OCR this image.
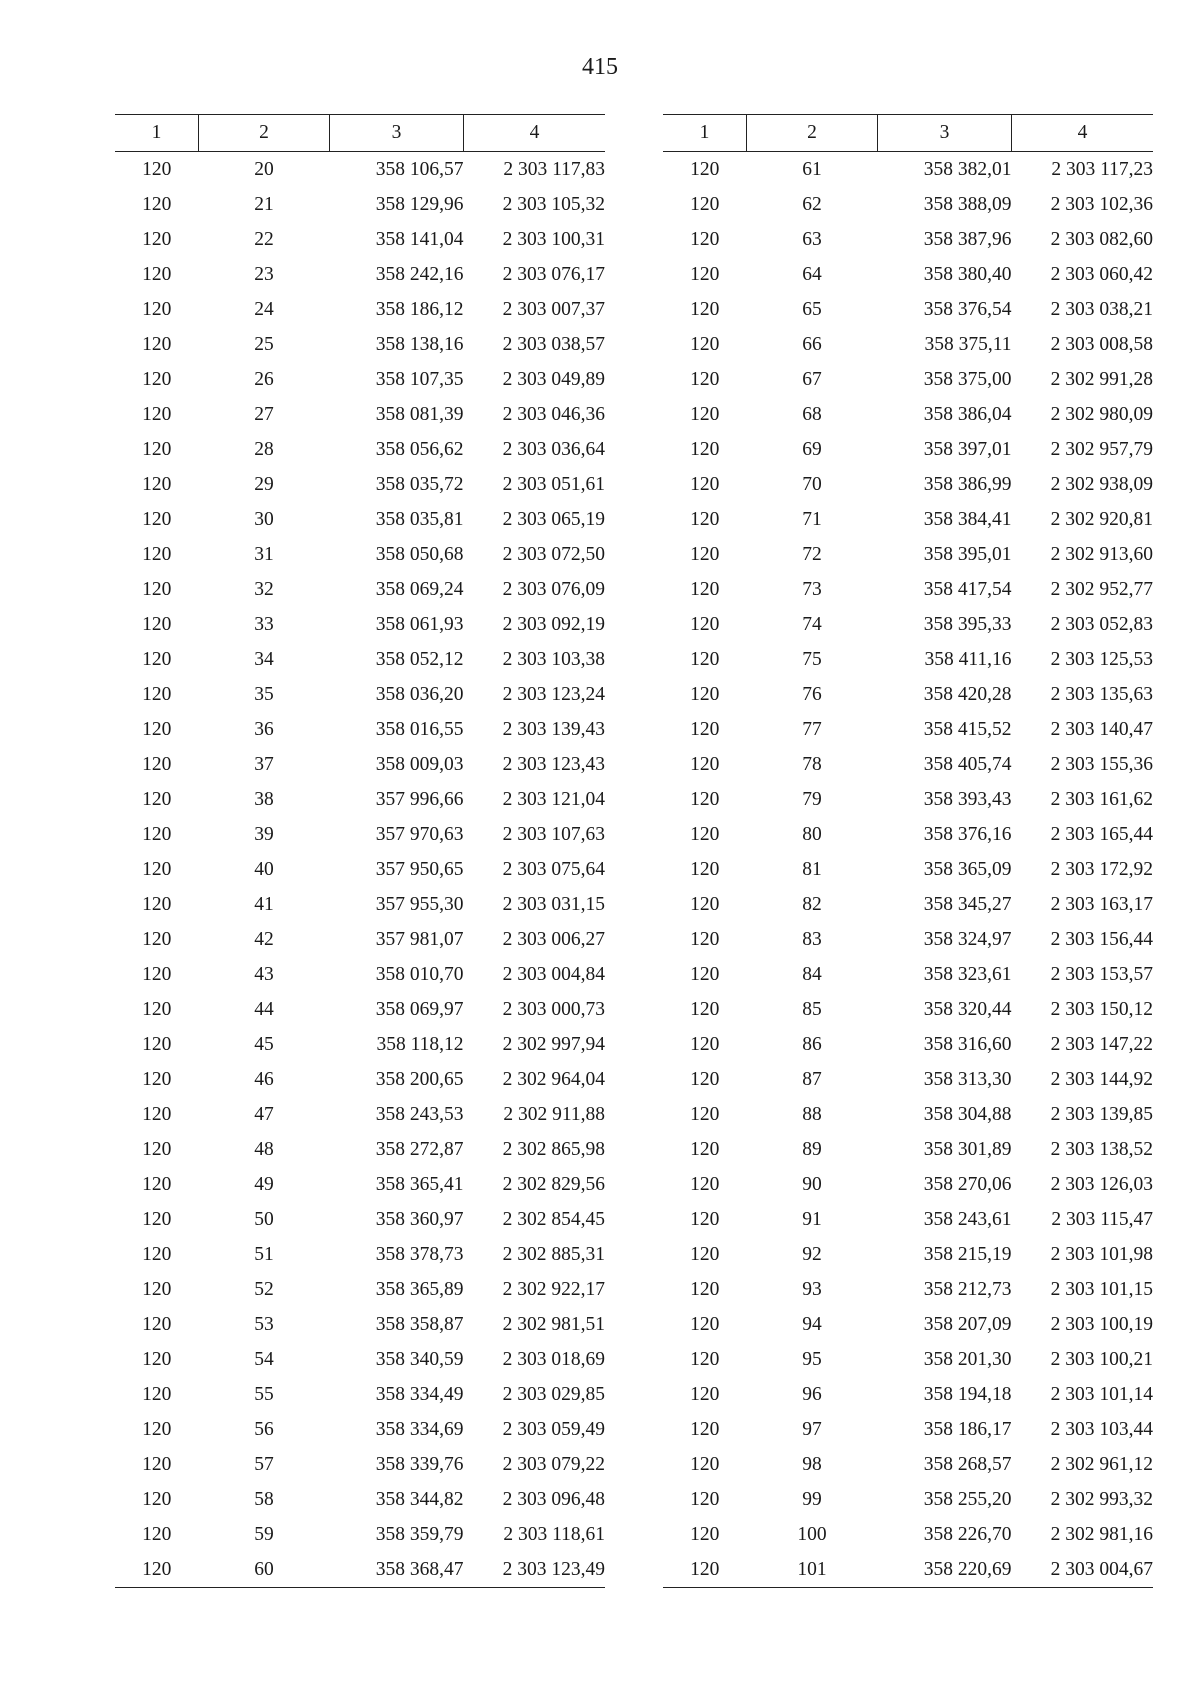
415
1	2	3	4
120	20	358 106,57	2 303 117,83
120	21	358 129,96	2 303 105,32
120	22	358 141,04	2 303 100,31
120	23	358 242,16	2 303 076,17
120	24	358 186,12	2 303 007,37
120	25	358 138,16	2 303 038,57
120	26	358 107,35	2 303 049,89
120	27	358 081,39	2 303 046,36
120	28	358 056,62	2 303 036,64
120	29	358 035,72	2 303 051,61
120	30	358 035,81	2 303 065,19
120	31	358 050,68	2 303 072,50
120	32	358 069,24	2 303 076,09
120	33	358 061,93	2 303 092,19
120	34	358 052,12	2 303 103,38
120	35	358 036,20	2 303 123,24
120	36	358 016,55	2 303 139,43
120	37	358 009,03	2 303 123,43
120	38	357 996,66	2 303 121,04
120	39	357 970,63	2 303 107,63
120	40	357 950,65	2 303 075,64
120	41	357 955,30	2 303 031,15
120	42	357 981,07	2 303 006,27
120	43	358 010,70	2 303 004,84
120	44	358 069,97	2 303 000,73
120	45	358 118,12	2 302 997,94
120	46	358 200,65	2 302 964,04
120	47	358 243,53	2 302 911,88
120	48	358 272,87	2 302 865,98
120	49	358 365,41	2 302 829,56
120	50	358 360,97	2 302 854,45
120	51	358 378,73	2 302 885,31
120	52	358 365,89	2 302 922,17
120	53	358 358,87	2 302 981,51
120	54	358 340,59	2 303 018,69
120	55	358 334,49	2 303 029,85
120	56	358 334,69	2 303 059,49
120	57	358 339,76	2 303 079,22
120	58	358 344,82	2 303 096,48
120	59	358 359,79	2 303 118,61
120	60	358 368,47	2 303 123,49
1	2	3	4
120	61	358 382,01	2 303 117,23
120	62	358 388,09	2 303 102,36
120	63	358 387,96	2 303 082,60
120	64	358 380,40	2 303 060,42
120	65	358 376,54	2 303 038,21
120	66	358 375,11	2 303 008,58
120	67	358 375,00	2 302 991,28
120	68	358 386,04	2 302 980,09
120	69	358 397,01	2 302 957,79
120	70	358 386,99	2 302 938,09
120	71	358 384,41	2 302 920,81
120	72	358 395,01	2 302 913,60
120	73	358 417,54	2 302 952,77
120	74	358 395,33	2 303 052,83
120	75	358 411,16	2 303 125,53
120	76	358 420,28	2 303 135,63
120	77	358 415,52	2 303 140,47
120	78	358 405,74	2 303 155,36
120	79	358 393,43	2 303 161,62
120	80	358 376,16	2 303 165,44
120	81	358 365,09	2 303 172,92
120	82	358 345,27	2 303 163,17
120	83	358 324,97	2 303 156,44
120	84	358 323,61	2 303 153,57
120	85	358 320,44	2 303 150,12
120	86	358 316,60	2 303 147,22
120	87	358 313,30	2 303 144,92
120	88	358 304,88	2 303 139,85
120	89	358 301,89	2 303 138,52
120	90	358 270,06	2 303 126,03
120	91	358 243,61	2 303 115,47
120	92	358 215,19	2 303 101,98
120	93	358 212,73	2 303 101,15
120	94	358 207,09	2 303 100,19
120	95	358 201,30	2 303 100,21
120	96	358 194,18	2 303 101,14
120	97	358 186,17	2 303 103,44
120	98	358 268,57	2 302 961,12
120	99	358 255,20	2 302 993,32
120	100	358 226,70	2 302 981,16
120	101	358 220,69	2 303 004,67
